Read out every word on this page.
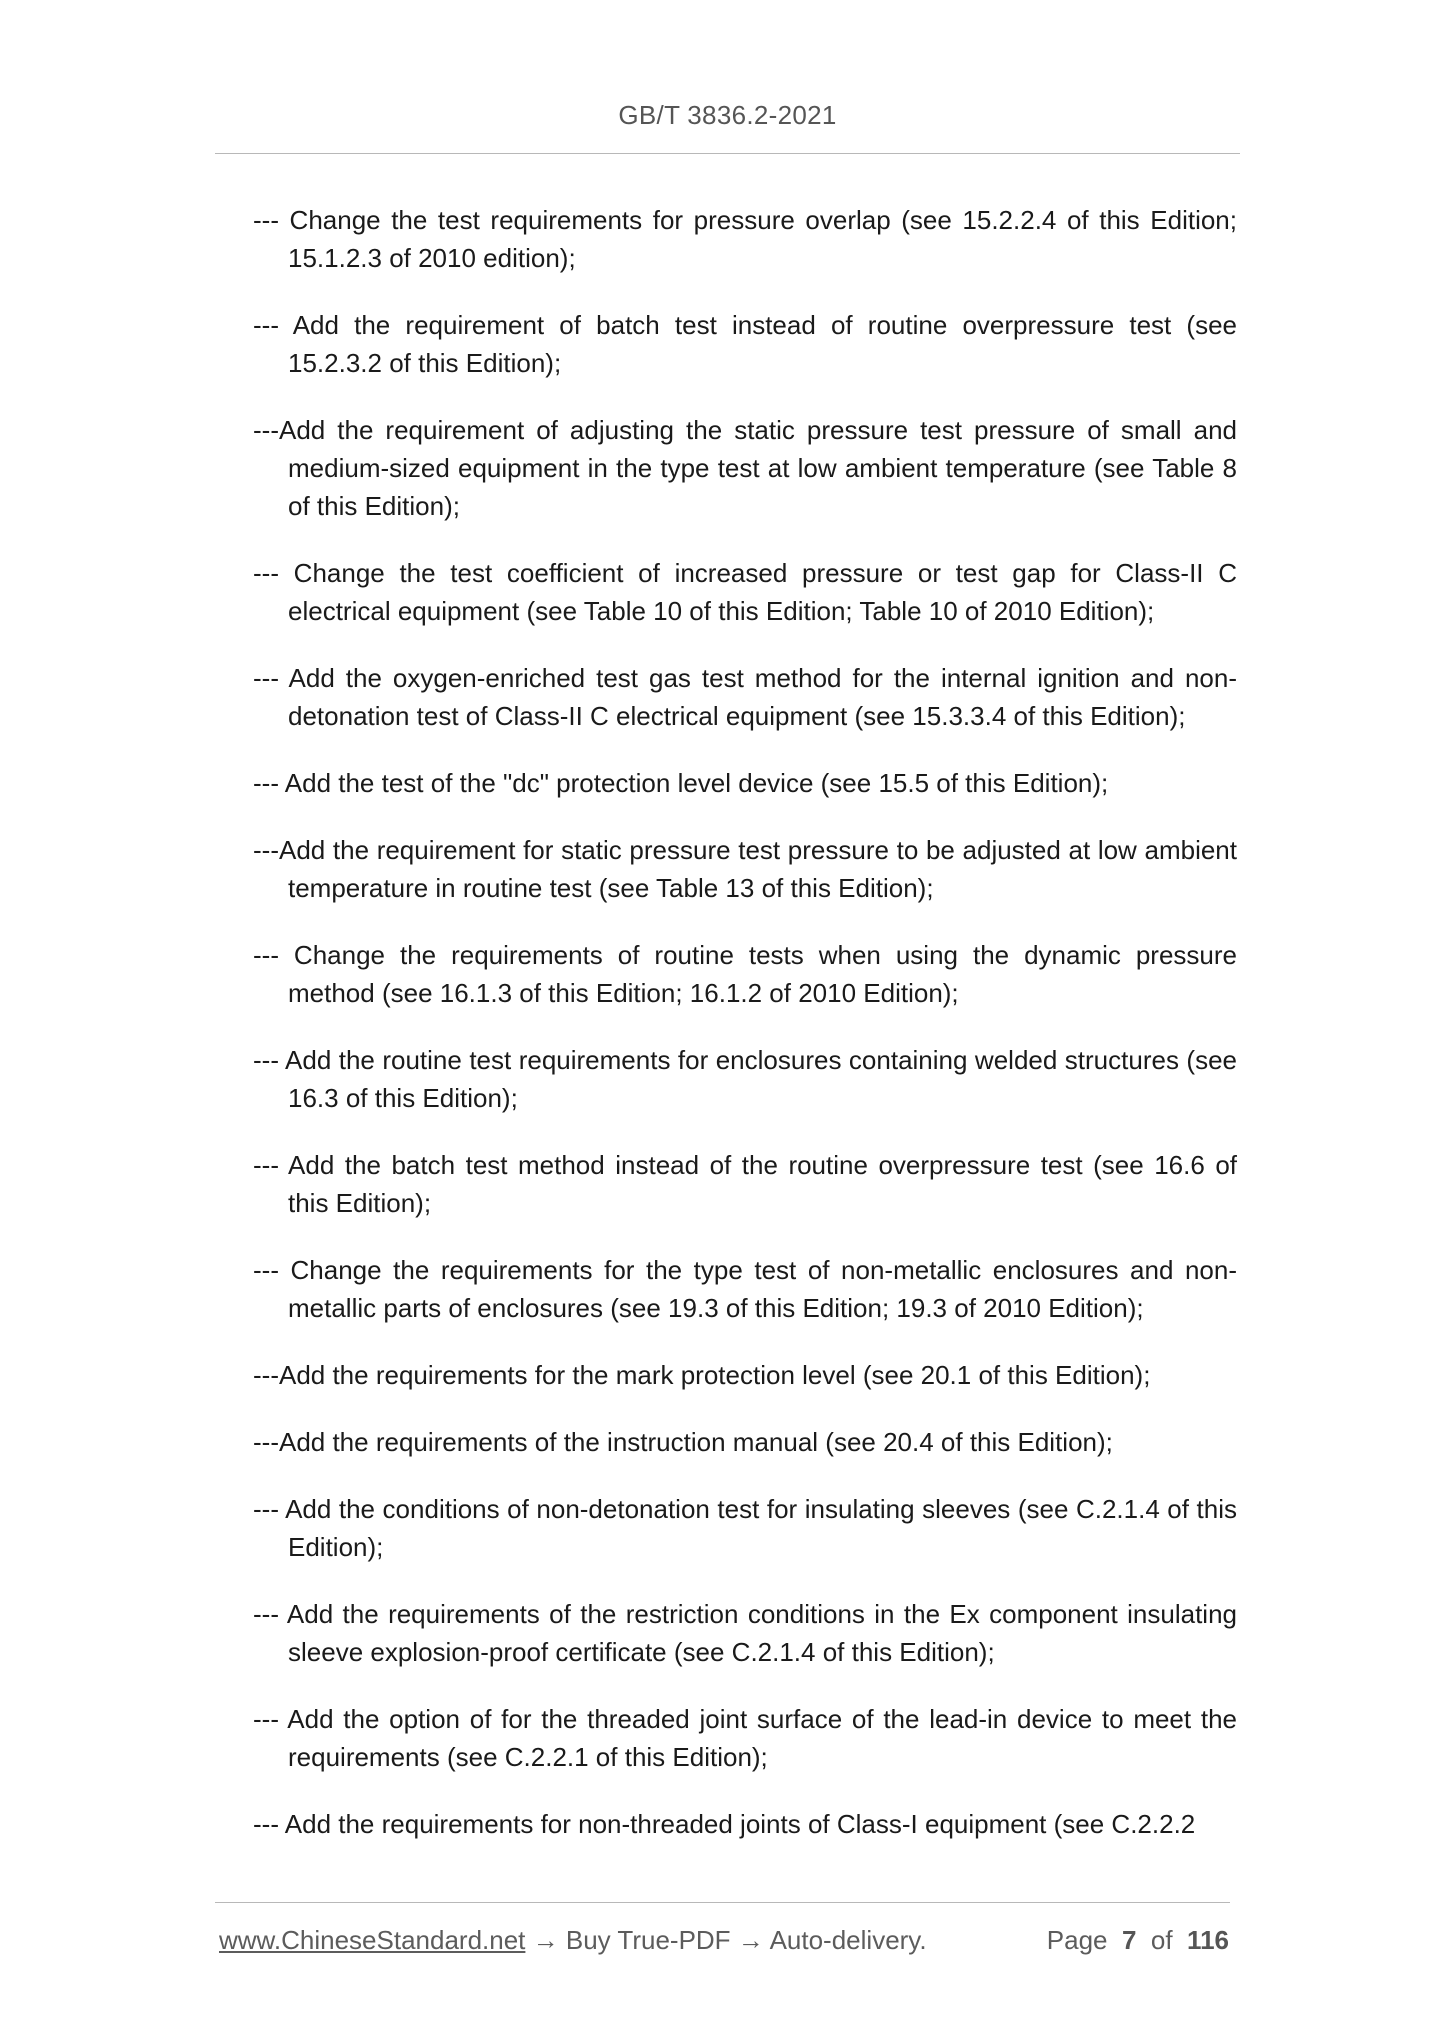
GB/T 3836.2-2021

--- Change the test requirements for pressure overlap (see 15.2.2.4 of this Edition; 15.1.2.3 of 2010 edition);

--- Add the requirement of batch test instead of routine overpressure test (see 15.2.3.2 of this Edition);

---Add the requirement of adjusting the static pressure test pressure of small and medium-sized equipment in the type test at low ambient temperature (see Table 8 of this Edition);

--- Change the test coefficient of increased pressure or test gap for Class-II C electrical equipment (see Table 10 of this Edition; Table 10 of 2010 Edition);

--- Add the oxygen-enriched test gas test method for the internal ignition and non-detonation test of Class-II C electrical equipment (see 15.3.3.4 of this Edition);

--- Add the test of the "dc" protection level device (see 15.5 of this Edition);

---Add the requirement for static pressure test pressure to be adjusted at low ambient temperature in routine test (see Table 13 of this Edition);

--- Change the requirements of routine tests when using the dynamic pressure method (see 16.1.3 of this Edition; 16.1.2 of 2010 Edition);

--- Add the routine test requirements for enclosures containing welded structures (see 16.3 of this Edition);

--- Add the batch test method instead of the routine overpressure test (see 16.6 of this Edition);

--- Change the requirements for the type test of non-metallic enclosures and non-metallic parts of enclosures (see 19.3 of this Edition; 19.3 of 2010 Edition);

---Add the requirements for the mark protection level (see 20.1 of this Edition);

---Add the requirements of the instruction manual (see 20.4 of this Edition);

--- Add the conditions of non-detonation test for insulating sleeves (see C.2.1.4 of this Edition);

--- Add the requirements of the restriction conditions in the Ex component insulating sleeve explosion-proof certificate (see C.2.1.4 of this Edition);

--- Add the option of for the threaded joint surface of the lead-in device to meet the requirements (see C.2.2.1 of this Edition);

--- Add the requirements for non-threaded joints of Class-I equipment (see C.2.2.2

www.ChineseStandard.net → Buy True-PDF → Auto-delivery.	Page 7 of 116
